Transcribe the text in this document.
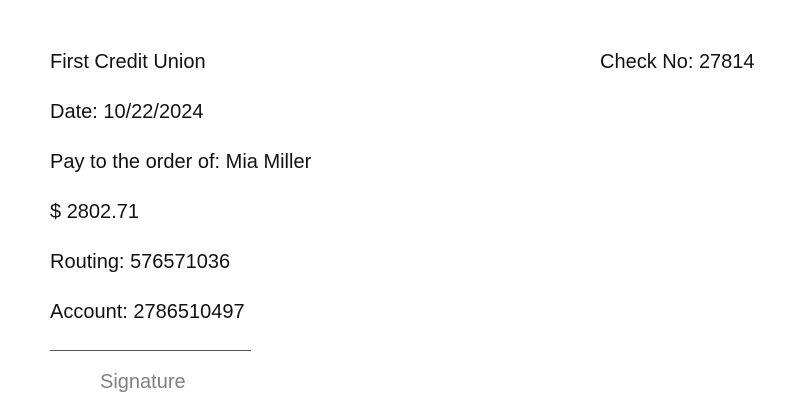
First Credit Union	Check No: 27814
Date: 10/22/2024
Pay to the order of: Mia Miller
$ 2802.71
Routing: 576571036
Account: 2786510497
Signature
